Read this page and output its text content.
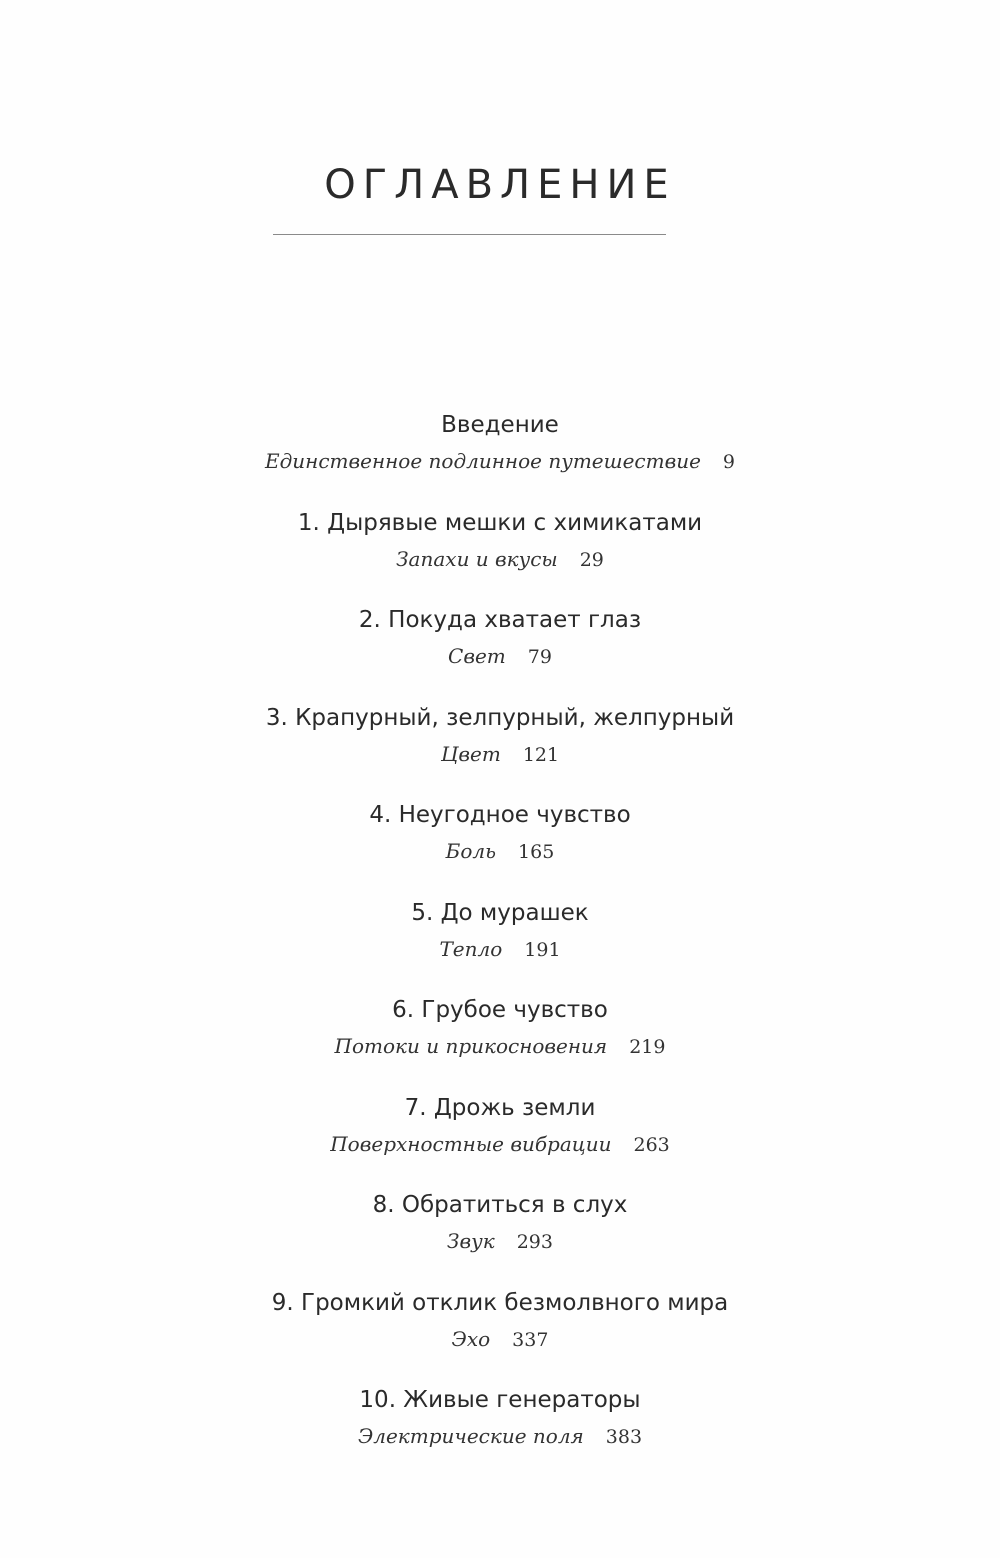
ОГЛАВЛЕНИЕ
Введение
Единственное подлинное путешествие 9
1. Дырявые мешки с химикатами
Запахи и вкусы 29
2. Покуда хватает глаз
Свет 79
3. Крапурный, зелпурный, желпурный
Цвет 121
4. Неугодное чувство
Боль 165
5. До мурашек
Тепло 191
6. Грубое чувство
Потоки и прикосновения 219
7. Дрожь земли
Поверхностные вибрации 263
8. Обратиться в слух
Звук 293
9. Громкий отклик безмолвного мира
Эхо 337
10. Живые генераторы
Электрические поля 383
